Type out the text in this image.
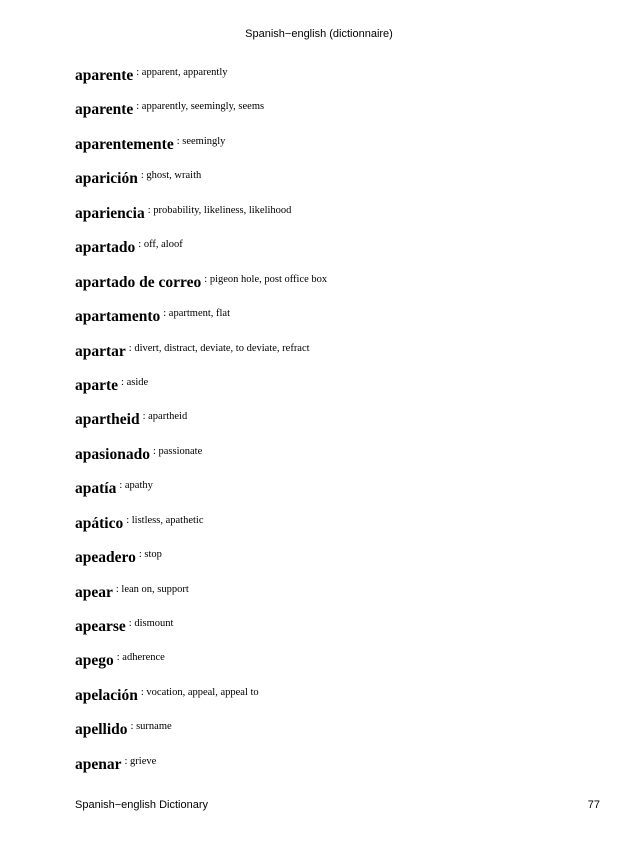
Spanish−english (dictionnaire)
aparente : apparent, apparently
aparente : apparently, seemingly, seems
aparentemente : seemingly
aparición : ghost, wraith
apariencia : probability, likeliness, likelihood
apartado : off, aloof
apartado de correo : pigeon hole, post office box
apartamento : apartment, flat
apartar : divert, distract, deviate, to deviate, refract
aparte : aside
apartheid : apartheid
apasionado : passionate
apatía : apathy
apático : listless, apathetic
apeadero : stop
apear : lean on, support
apearse : dismount
apego : adherence
apelación : vocation, appeal, appeal to
apellido : surname
apenar : grieve
Spanish−english Dictionary	77
